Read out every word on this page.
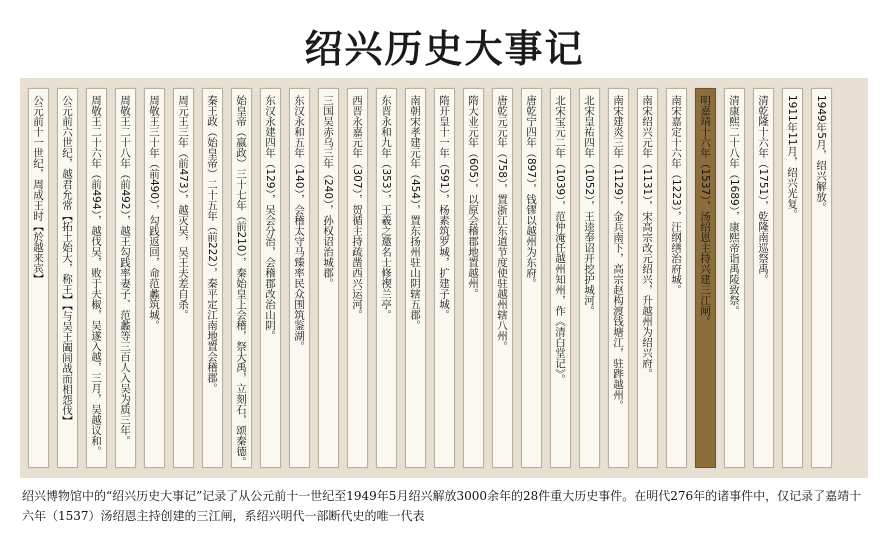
绍兴历史大事记
公元前十一世纪，周成王时【於越来宾】	公元前六世纪，越君允常【拓土始大，称王】【与吴王阖闾战而相怨伐】	周敬王二十六年（前494），越伐吴，败于夫椒，吴遂入越，三月，吴越议和。	周敬王二十八年（前492），越王勾践率妻子、范蠡等三百人入吴为质三年。	周敬王三十年（前490），勾践返回，命范蠡筑城。	周元王三年（前473），越灭吴，吴王夫差自杀。	秦王政（始皇帝）二十五年（前222），秦平定江南地置会稽郡。	始皇帝（嬴政）三十七年（前210），秦始皇上会稽，祭大禹，立刻石，颂秦德。	东汉永建四年（129），吴会分治，会稽郡改治山阴。	东汉永和五年（140），会稽太守马臻率民众围筑鉴湖。	三国吴赤乌三年（240），孙权诏治城郡。	西晋永嘉元年（307），贺循主持疏凿西兴运河。	东晋永和九年（353），王羲之邀名士修禊兰亭。	南朝宋孝建元年（454），置东扬州驻山阴辖五郡。	隋开皇十一年（591），杨素筑罗城，扩建子城。	隋大业元年（605），以原会稽郡地置越州。	唐乾元元年（758），置浙江东道节度使驻越州辖八州。	唐乾宁四年（897），钱镠以越州为东府。	北宋宝元二年（1039），范仲淹任越州知州，作《清白堂记》。	北宋皇祐四年（1052），王逵奉诏开挖护城河。	南宋建炎三年（1129），金兵南下，高宗赵构渡钱塘江，驻跸越州。	南宋绍兴元年（1131），宋高宗改元绍兴，升越州为绍兴府。	南宋嘉定十六年（1223），汪纲缮治府城。	明嘉靖十六年（1537），汤绍恩主持兴建三江闸。	清康熙二十八年（1689），康熙帝诣禹陵致祭。	清乾隆十六年（1751），乾隆南巡祭禹。	1911年11月，绍兴光复。	1949年5月，绍兴解放。
绍兴博物馆中的“绍兴历史大事记”记录了从公元前十一世纪至1949年5月绍兴解放3000余年的28件重大历史事件。在明代276年的诸事件中，仅记录了嘉靖十六年（1537）汤绍恩主持创建的三江闸，系绍兴明代一部断代史的唯一代表
